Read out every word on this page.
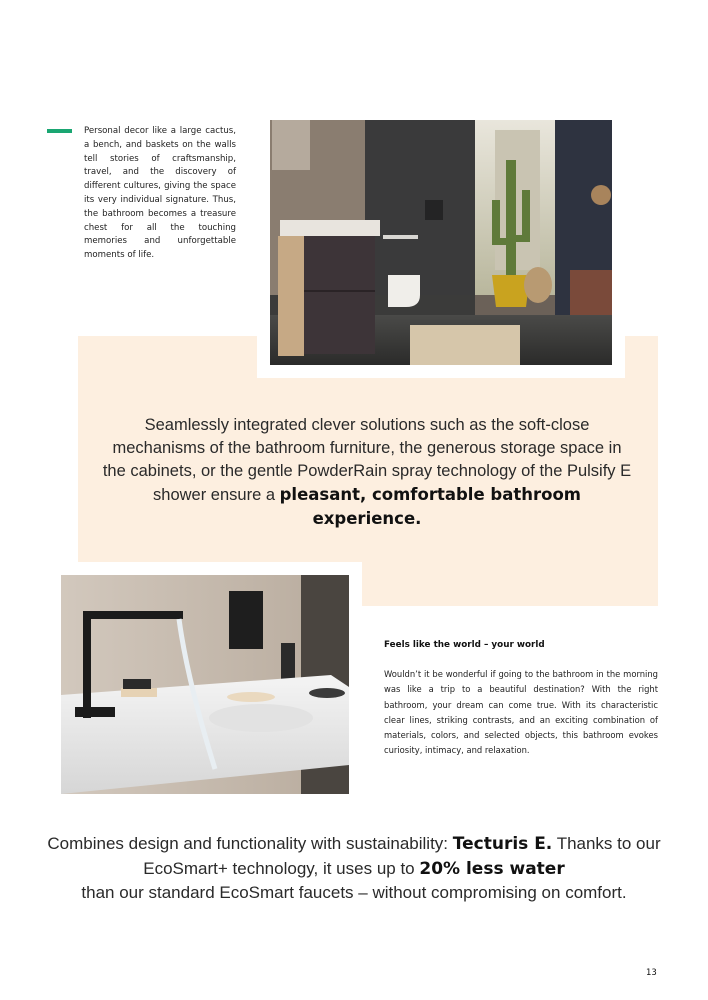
Personal decor like a large cactus, a bench, and baskets on the walls tell stories of craftsmanship, travel, and the discovery of different cultures, giving the space its very individual signature. Thus, the bathroom becomes a treasure chest for all the touching memories and unforgettable moments of life.
Seamlessly integrated clever solutions such as the soft-close mechanisms of the bathroom furniture, the generous storage space in the cabinets, or the gentle PowderRain spray technology of the Pulsify E shower ensure a pleasant, comfortable bathroom experience.
Feels like the world – your world
Wouldn’t it be wonderful if going to the bathroom in the morning was like a trip to a beautiful destination? With the right bathroom, your dream can come true. With its characteristic clear lines, striking contrasts, and an exciting combination of materials, colors, and selected objects, this bathroom evokes curiosity, intimacy, and relaxation.
Combines design and functionality with sustainability: Tecturis E. Thanks to our EcoSmart+ technology, it uses up to 20% less water
than our standard EcoSmart faucets – without compromising on comfort.
13
